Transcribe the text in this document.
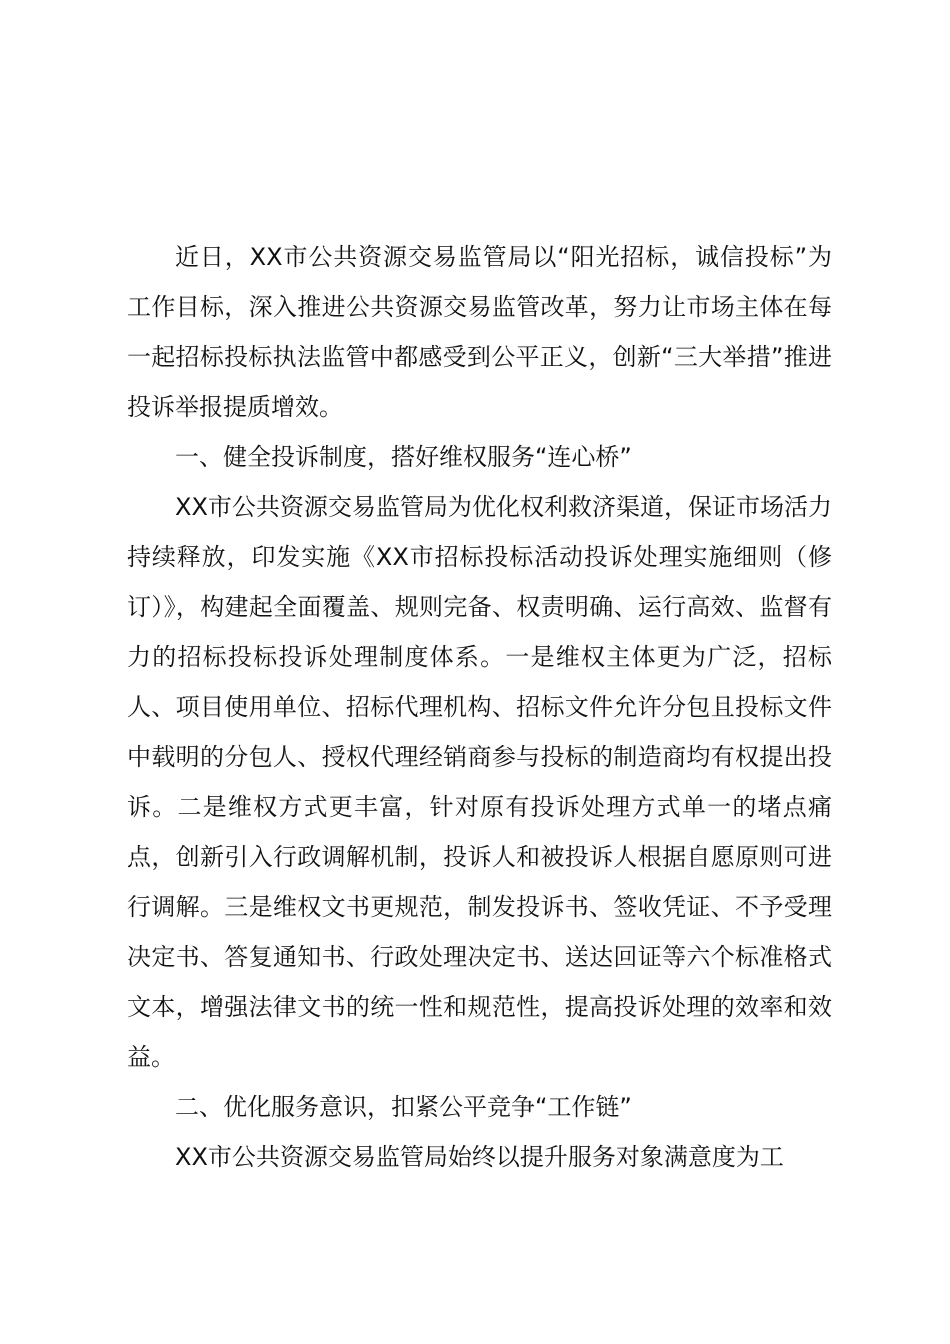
近日，XX市公共资源交易监管局以“阳光招标，诚信投标”为工作目标，深入推进公共资源交易监管改革，努力让市场主体在每一起招标投标执法监管中都感受到公平正义，创新“三大举措”推进投诉举报提质增效。

一、健全投诉制度，搭好维权服务“连心桥”

XX市公共资源交易监管局为优化权利救济渠道，保证市场活力持续释放，印发实施《XX市招标投标活动投诉处理实施细则（修订）》，构建起全面覆盖、规则完备、权责明确、运行高效、监督有力的招标投标投诉处理制度体系。一是维权主体更为广泛，招标人、项目使用单位、招标代理机构、招标文件允许分包且投标文件中载明的分包人、授权代理经销商参与投标的制造商均有权提出投诉。二是维权方式更丰富，针对原有投诉处理方式单一的堵点痛点，创新引入行政调解机制，投诉人和被投诉人根据自愿原则可进行调解。三是维权文书更规范，制发投诉书、签收凭证、不予受理决定书、答复通知书、行政处理决定书、送达回证等六个标准格式文本，增强法律文书的统一性和规范性，提高投诉处理的效率和效益。

二、优化服务意识，扣紧公平竞争“工作链”

XX市公共资源交易监管局始终以提升服务对象满意度为工
